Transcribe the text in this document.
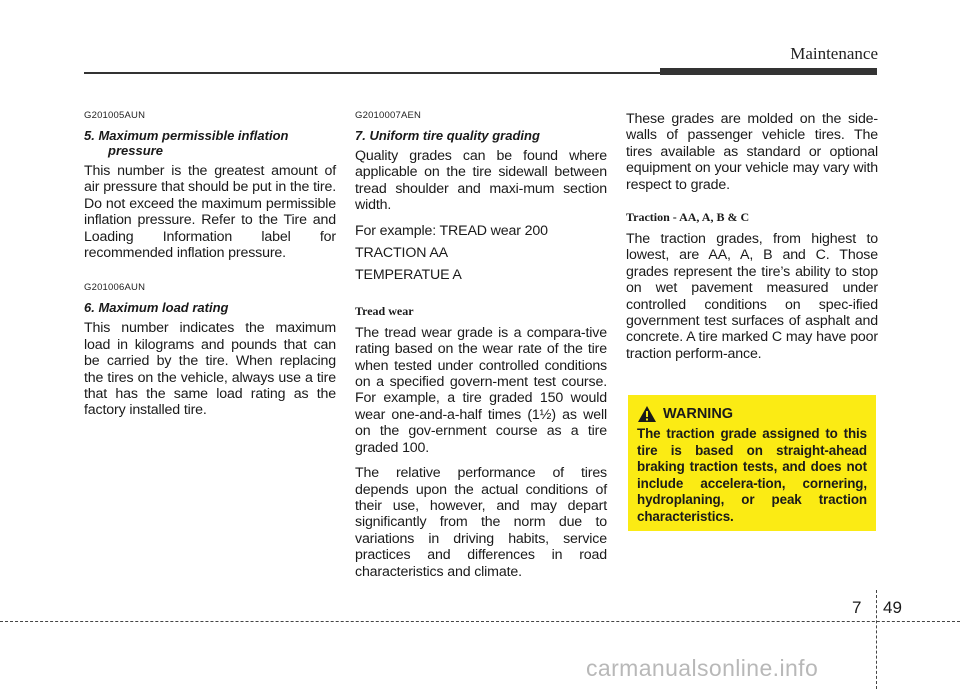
Maintenance
G201005AUN
5. Maximum permissible inflation
pressure

This number is the greatest amount of air pressure that should be put in the tire. Do not exceed the maximum permissible inflation pressure. Refer to the Tire and Loading Information label for recommended inflation pressure.

G201006AUN
6. Maximum load rating

This number indicates the maximum load in kilograms and pounds that can be carried by the tire. When replacing the tires on the vehicle, always use a tire that has the same load rating as the factory installed tire.

G2010007AEN
7. Uniform tire quality grading

Quality grades can be found where applicable on the tire sidewall between tread shoulder and maxi-mum section width.

For example: TREAD wear 200

TRACTION AA

TEMPERATUE A

Tread wear

The tread wear grade is a compara-tive rating based on the wear rate of the tire when tested under controlled conditions on a specified govern-ment test course. For example, a tire graded 150 would wear one-and-a-half times (1½) as well on the gov-ernment course as a tire graded 100.

The relative performance of tires depends upon the actual conditions of their use, however, and may depart significantly from the norm due to variations in driving habits, service practices and differences in road characteristics and climate.

These grades are molded on the side-walls of passenger vehicle tires. The tires available as standard or optional equipment on your vehicle may vary with respect to grade.

Traction - AA, A, B & C

The traction grades, from highest to lowest, are AA, A, B and C. Those grades represent the tire’s ability to stop on wet pavement measured under controlled conditions on spec-ified government test surfaces of asphalt and concrete. A tire marked C may have poor traction perform-ance.

WARNING
The traction grade assigned to this tire is based on straight-ahead braking traction tests, and does not include accelera-tion, cornering, hydroplaning, or peak traction characteristics.
7 49
carmanualsonline.info
